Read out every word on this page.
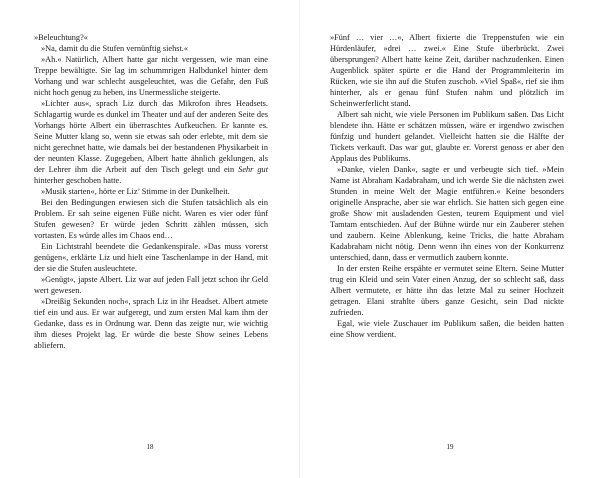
»Beleuchtung?«

»Na, damit du die Stufen vernünftig siehst.«

»Ah.« Natürlich, Albert hatte gar nicht vergessen, wie man eine Treppe bewältigte. Sie lag im schummrigen Halbdunkel hinter dem Vorhang und war schlecht ausgeleuchtet, was die Gefahr, den Fuß nicht hoch genug zu heben, ins Unermessliche steigerte.

»Lichter aus«, sprach Liz durch das Mikrofon ihres Headsets. Schlagartig wurde es dunkel im Theater und auf der anderen Seite des Vorhangs hörte Albert ein überraschtes Aufkeuchen. Er kannte es. Seine Mutter klang so, wenn sie etwas sah oder erlebte, mit dem sie nicht gerechnet hatte, wie damals bei der bestandenen Physikarbeit in der neunten Klasse. Zugegeben, Albert hatte ähnlich geklungen, als der Lehrer ihm die Arbeit auf den Tisch gelegt und ein Sehr gut hinterher geschoben hatte.

»Musik starten«, hörte er Liz’ Stimme in der Dunkelheit.

Bei den Bedingungen erwiesen sich die Stufen tatsächlich als ein Problem. Er sah seine eigenen Füße nicht. Waren es vier oder fünf Stufen gewesen? Er würde jeden Schritt zählen müssen, sich vortasten. Es würde alles im Chaos end…

Ein Lichtstrahl beendete die Gedankenspirale. »Das muss vorerst genügen«, erklärte Liz und hielt eine Taschenlampe in der Hand, mit der sie die Stufen ausleuchtete.

»Genügt«, japste Albert. Liz war auf jeden Fall jetzt schon ihr Geld wert gewesen.

»Dreißig Sekunden noch«, sprach Liz in ihr Headset. Albert atmete tief ein und aus. Er war aufgeregt, und zum ersten Mal kam ihm der Gedanke, dass es in Ordnung war. Denn das zeigte nur, wie wichtig ihm dieses Projekt lag. Er würde die beste Show seines Lebens abliefern.

18

»Fünf … vier …«, Albert fixierte die Treppenstufen wie ein Hürdenläufer, »drei … zwei.« Eine Stufe überbrückt. Zwei übersprungen? Albert hatte keine Zeit, darüber nachzudenken. Einen Augenblick später spürte er die Hand der Programmleiterin im Rücken, wie sie ihn auf die Stufen zuschob. »Viel Spaß«, rief sie ihm hinterher, als er genau fünf Stufen nahm und plötzlich im Scheinwerferlicht stand.

Albert sah nicht, wie viele Personen im Publikum saßen. Das Licht blendete ihn. Hätte er schätzen müssen, wäre er irgendwo zwischen fünfzig und hundert gelandet. Vielleicht hatten sie die Hälfte der Tickets verkauft. Das war gut, glaubte er. Vorerst genoss er aber den Applaus des Publikums.

»Danke, vielen Dank«, sagte er und verbeugte sich tief. »Mein Name ist Abraham Kadabraham, und ich werde Sie die nächsten zwei Stunden in meine Welt der Magie entführen.« Keine besonders originelle Ansprache, aber sie war ehrlich. Sie hatten sich gegen eine große Show mit ausladenden Gesten, teurem Equipment und viel Tamtam entschieden. Auf der Bühne würde nur ein Zauberer stehen und zaubern. Keine Ablenkung, keine Tricks, die hatte Abraham Kadabraham nicht nötig. Denn wenn ihn eines von der Konkurrenz unterschied, dann, dass er vermutlich zaubern konnte.

In der ersten Reihe erspähte er vermutet seine Eltern. Seine Mutter trug ein Kleid und sein Vater einen Anzug, der so schlecht saß, dass Albert vermutete, er hätte ihn das letzte Mal zu seiner Hochzeit getragen. Elani strahlte übers ganze Gesicht, sein Dad nickte zufrieden.

Egal, wie viele Zuschauer im Publikum saßen, die beiden hatten eine Show verdient.

19
